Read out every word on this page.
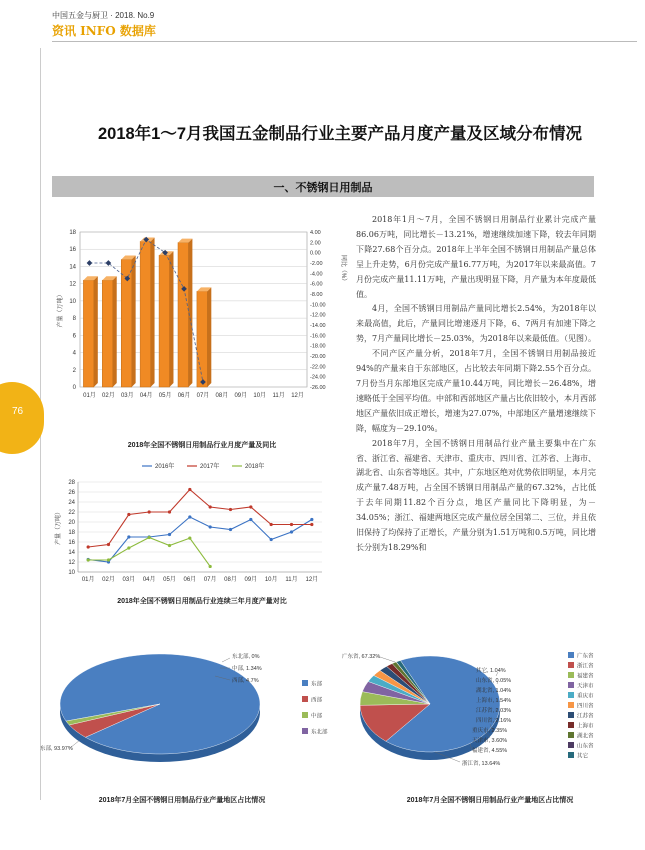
中国五金与厨卫 · 2018. No.9
资讯 INFO 数据库
76
2018年1～7月我国五金制品行业主要产品月度产量及区域分布情况
一、不锈钢日用制品

2018年1月～7月，全国不锈钢日用制品行业累计完成产量86.06万吨，同比增长－13.21%，增速继续加速下降，较去年同期下降27.68个百分点。2018年上半年全国不锈钢日用制品产量总体呈上升走势，6月份完成产量16.77万吨，为2017年以来最高值。7月份完成产量11.11万吨，产量出现明显下降，月产量为本年度最低值。

4月，全国不锈钢日用制品产量同比增长2.54%，为2018年以来最高值，此后，产量同比增速逐月下降，6、7两月有加速下降之势，7月产量同比增长－25.03%，为2018年以来最低值。（见图）。

不同产区产量分析，2018年7月，全国不锈钢日用制品接近94%的产量来自于东部地区，占比较去年同期下降2.55个百分点。7月份当月东部地区完成产量10.44万吨，同比增长－26.48%，增速略低于全国平均值。中部和西部地区产量占比依旧较小，本月西部地区产量依旧成正增长，增速为27.07%，中部地区产量增速继续下降，幅度为－29.10%。

2018年7月，全国不锈钢日用制品行业产量主要集中在广东省、浙江省、福建省、天津市、重庆市、四川省、江苏省、上海市、湖北省、山东省等地区。其中，广东地区绝对优势依旧明显，本月完成产量7.48万吨，占全国不锈钢日用制品产量的67.32%，占比低于去年同期11.82个百分点，地区产量同比下降明显，为－34.05%；浙江、福建两地区完成产量位居全国第二、三位，并且依旧保持了均保持了正增长，产量分别为1.51万吨和0.5万吨，同比增长分别为18.29%和

0
2
4
6
8
10
12
14
16
18	4.00
2.00
0.00
-2.00
-4.00
-6.00
-8.00
-10.00
-12.00
-14.00
-16.00
-18.00
-20.00
-22.00
-24.00
-26.00
01月 02月 03月 04月 05月 06月 07月 08月 09月 10月 11月 12月
产量（万吨）
同比（%）
2018年全国不锈钢日用制品行业月度产量及同比
2016年	2017年	2018年
10
12
14
16
18
20
22
24
26
28
01月 02月 03月 04月 05月 06月 07月 08月 09月 10月 11月 12月
产量（万吨）
2018年全国不锈钢日用制品行业连续三年月度产量对比
东部, 93.97%
西部, 4.7%
中部, 1.34%
东北部, 0%
东部
西部
中部
东北部
2018年7月全国不锈钢日用制品行业产量地区占比情况
广东省, 67.32%
浙江省, 13.64%
福建省, 4.55%
天津市, 3.60%
重庆市, 2.35%
四川省, 2.16%
江苏省, 2.03%
上海市, 1.54%
湖北省, 1.04%
山东省, 0.05%
其它, 1.04%
广东省
浙江省
福建省
天津市
重庆市
四川省
江苏省
上海市
湖北省
山东省
其它
2018年7月全国不锈钢日用制品行业产量地区占比情况
